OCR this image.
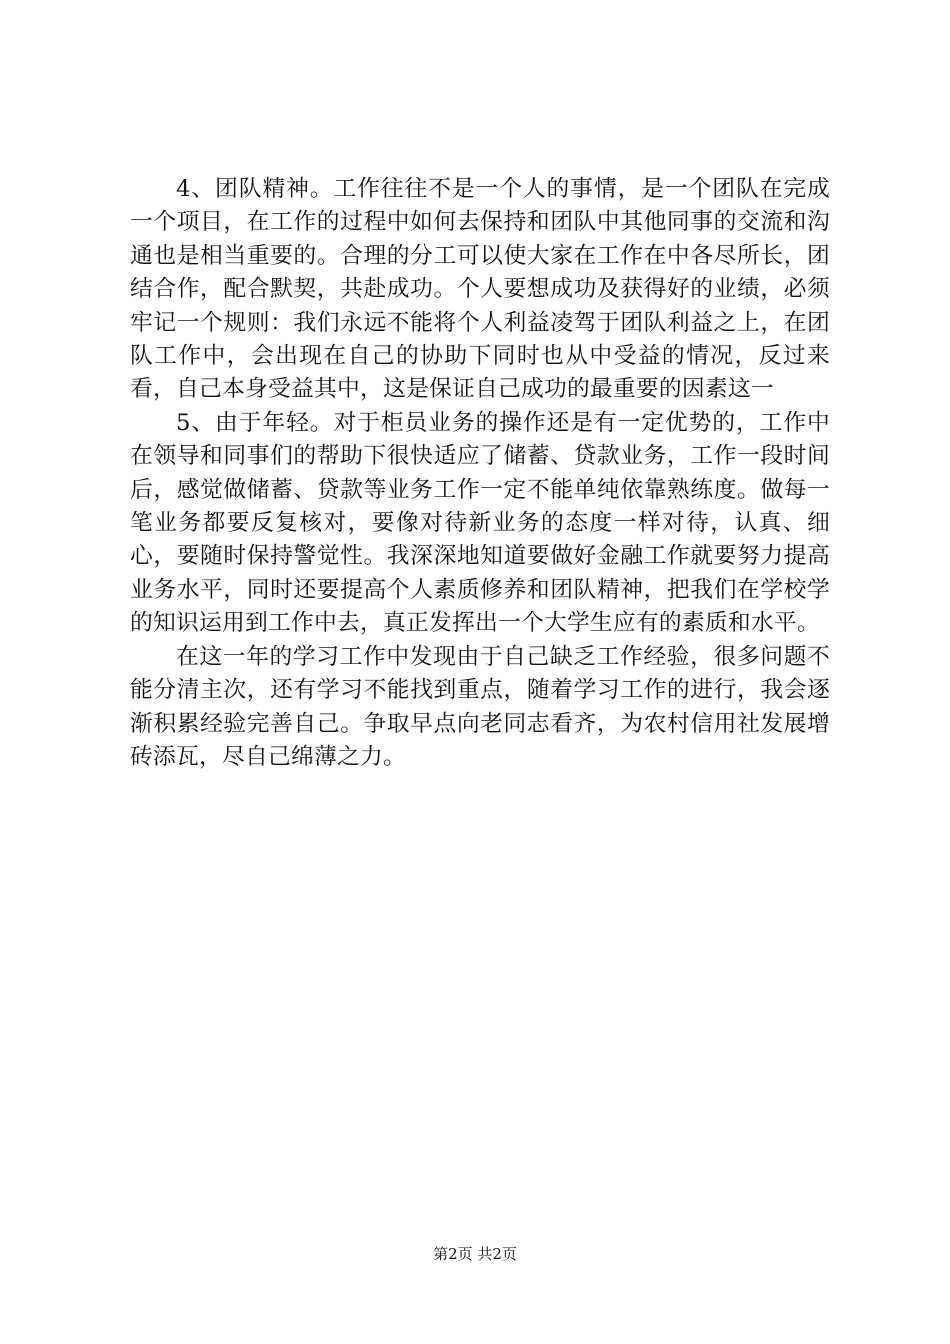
4、团队精神。工作往往不是一个人的事情，是一个团队在完成一个项目，在工作的过程中如何去保持和团队中其他同事的交流和沟通也是相当重要的。合理的分工可以使大家在工作在中各尽所长，团结合作，配合默契，共赴成功。个人要想成功及获得好的业绩，必须牢记一个规则：我们永远不能将个人利益凌驾于团队利益之上，在团队工作中，会出现在自己的协助下同时也从中受益的情况，反过来看，自己本身受益其中，这是保证自己成功的最重要的因素这一

5、由于年轻。对于柜员业务的操作还是有一定优势的，工作中在领导和同事们的帮助下很快适应了储蓄、贷款业务，工作一段时间后，感觉做储蓄、贷款等业务工作一定不能单纯依靠熟练度。做每一笔业务都要反复核对，要像对待新业务的态度一样对待，认真、细心，要随时保持警觉性。我深深地知道要做好金融工作就要努力提高业务水平，同时还要提高个人素质修养和团队精神，把我们在学校学的知识运用到工作中去，真正发挥出一个大学生应有的素质和水平。

在这一年的学习工作中发现由于自己缺乏工作经验，很多问题不能分清主次，还有学习不能找到重点，随着学习工作的进行，我会逐渐积累经验完善自己。争取早点向老同志看齐，为农村信用社发展增砖添瓦，尽自己绵薄之力。

第2页 共2页
